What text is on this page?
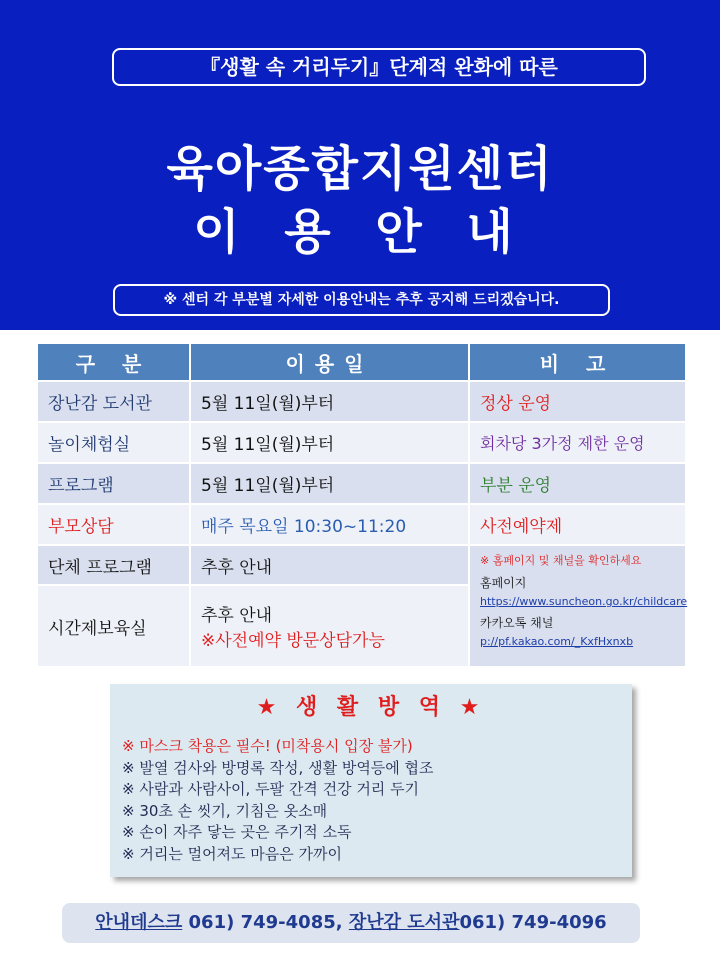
『생활 속 거리두기』단계적 완화에 따른
육아종합지원센터
이 용 안 내
※ 센터 각 부분별 자세한 이용안내는 추후 공지해 드리겠습니다.
구 분	이용일	비 고
장난감 도서관	5월 11일(월)부터	정상 운영
놀이체험실	5월 11일(월)부터	회차당 3가정 제한 운영
프로그램	5월 11일(월)부터	부분 운영
부모상담	매주 목요일 10:30~11:20	사전예약제
단체 프로그램	추후 안내	※ 홈페이지 및 채널을 확인하세요
홈페이지
https://www.suncheon.go.kr/childcare
카카오톡 채널
p://pf.kakao.com/_KxfHxnxb

시간제보육실	추후 안내
※사전예약 방문상담가능	
★ 생 활 방 역 ★
※ 마스크 착용은 필수! (미착용시 입장 불가)
※ 발열 검사와 방명록 작성, 생활 방역등에 협조
※ 사람과 사람사이, 두팔 간격 건강 거리 두기
※ 30초 손 씻기, 기침은 옷소매
※ 손이 자주 닿는 곳은 주기적 소독
※ 거리는 멀어져도 마음은 가까이
안내데스크 061) 749-4085, 장난감 도서관061) 749-4096
